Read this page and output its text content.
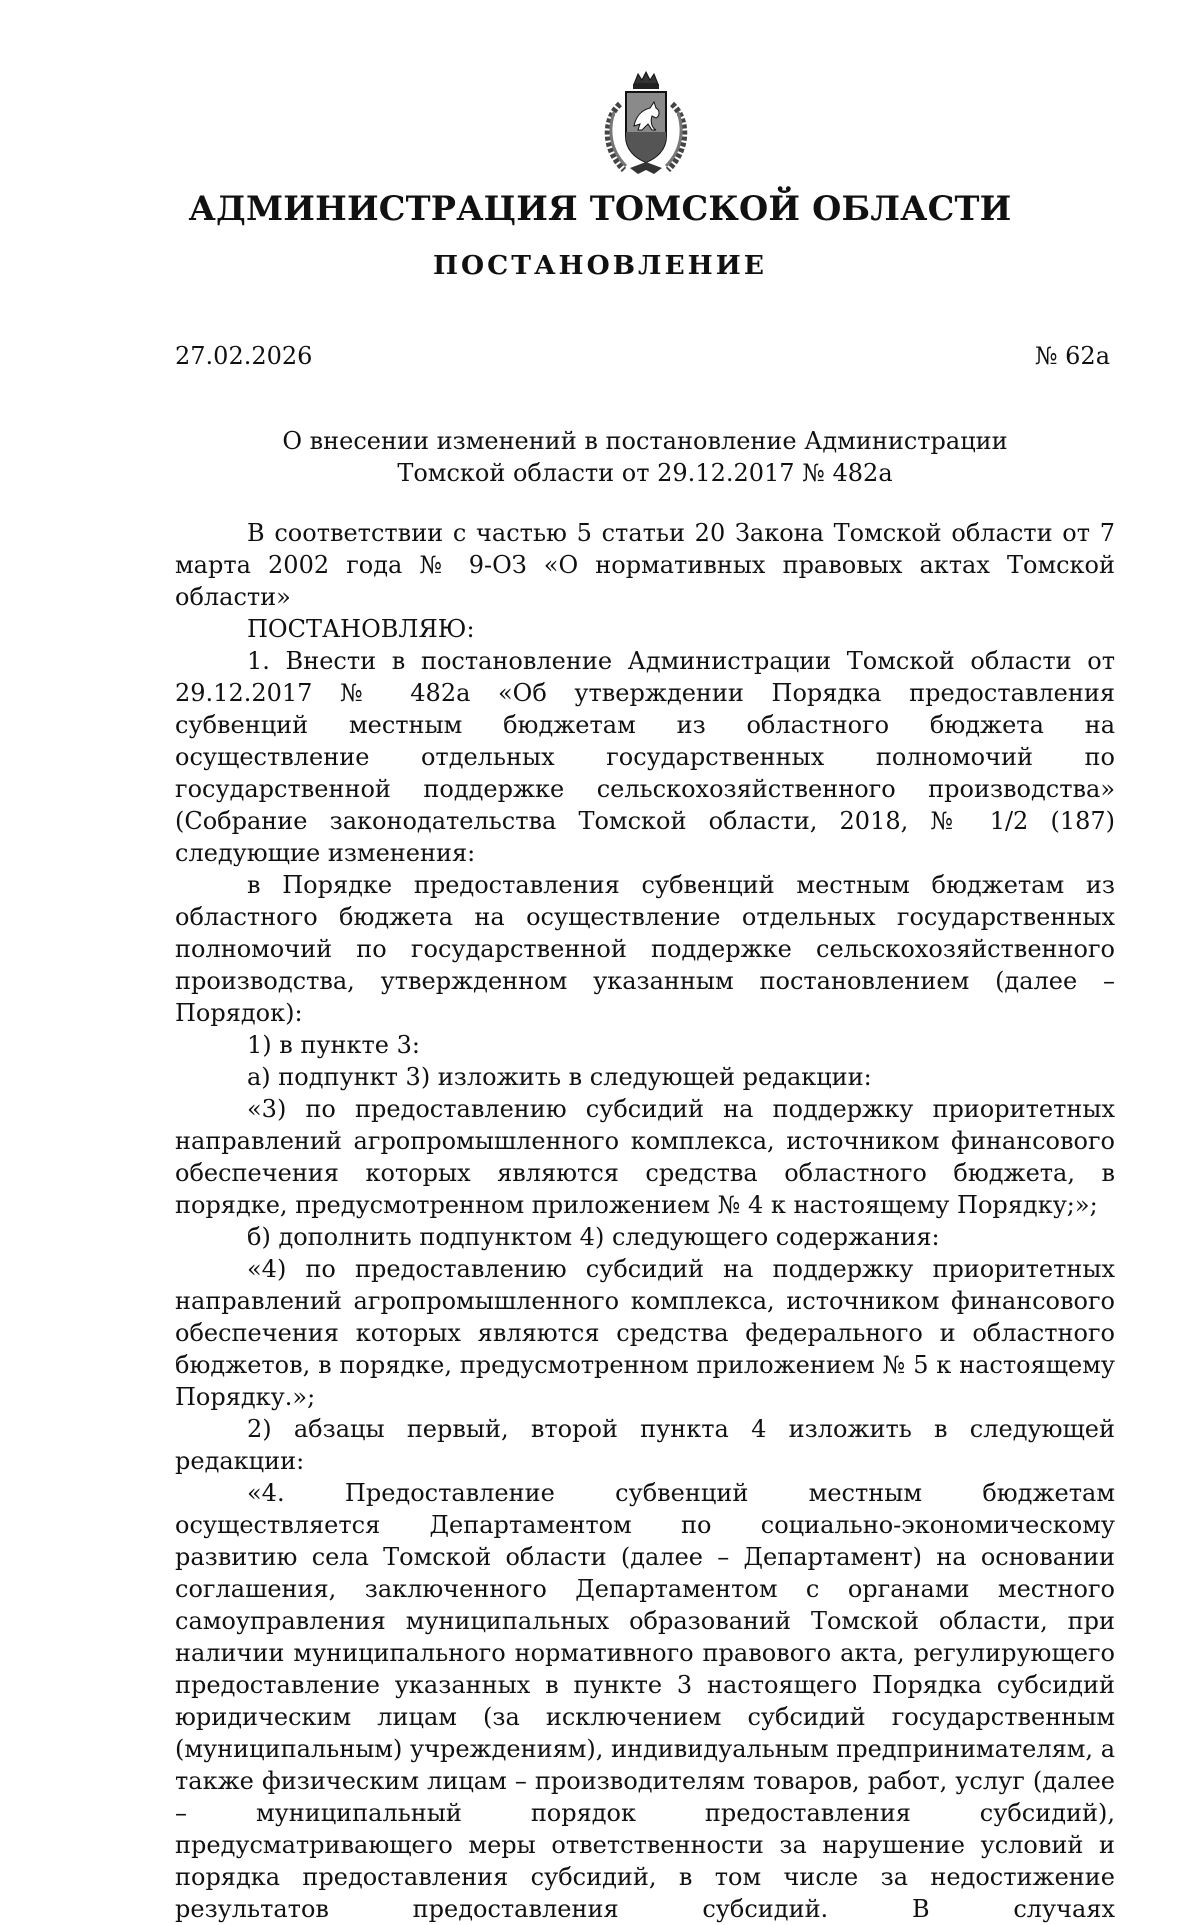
АДМИНИСТРАЦИЯ ТОМСКОЙ ОБЛАСТИ
ПОСТАНОВЛЕНИЕ
27.02.2026	№ 62а
О внесении изменений в постановление Администрации
Томской области от 29.12.2017 № 482а

В соответствии с частью 5 статьи 20 Закона Томской области от 7 марта 2002 года № 9-ОЗ «О нормативных правовых актах Томской области»

ПОСТАНОВЛЯЮ:

1. Внести в постановление Администрации Томской области от 29.12.2017 № 482а «Об утверждении Порядка предоставления субвенций местным бюджетам из областного бюджета на осуществление отдельных государственных полномочий по государственной поддержке сельскохозяйственного производства» (Собрание законодательства Томской области, 2018, № 1/2 (187) следующие изменения:

в Порядке предоставления субвенций местным бюджетам из областного бюджета на осуществление отдельных государственных полномочий по государственной поддержке сельскохозяйственного производства, утвержденном указанным постановлением (далее – Порядок):

1) в пункте 3:

а) подпункт 3) изложить в следующей редакции:

«3) по предоставлению субсидий на поддержку приоритетных направлений агропромышленного комплекса, источником финансового обеспечения которых являются средства областного бюджета, в порядке, предусмотренном приложением № 4 к настоящему Порядку;»;

б) дополнить подпунктом 4) следующего содержания:

«4) по предоставлению субсидий на поддержку приоритетных направлений агропромышленного комплекса, источником финансового обеспечения которых являются средства федерального и областного бюджетов, в порядке, предусмотренном приложением № 5 к настоящему Порядку.»;

2) абзацы первый, второй пункта 4 изложить в следующей редакции:

«4. Предоставление субвенций местным бюджетам осуществляется Департаментом по социально-экономическому развитию села Томской области (далее – Департамент) на основании соглашения, заключенного Департаментом с органами местного самоуправления муниципальных образований Томской области, при наличии муниципального нормативного правового акта, регулирующего предоставление указанных в пункте 3 настоящего Порядка субсидий юридическим лицам (за исключением субсидий государственным (муниципальным) учреждениям), индивидуальным предпринимателям, а также физическим лицам – производителям товаров, работ, услуг (далее – муниципальный порядок предоставления субсидий), предусматривающего меры ответственности за нарушение условий и порядка предоставления субсидий, в том числе за недостижение результатов предоставления субсидий. В случаях
